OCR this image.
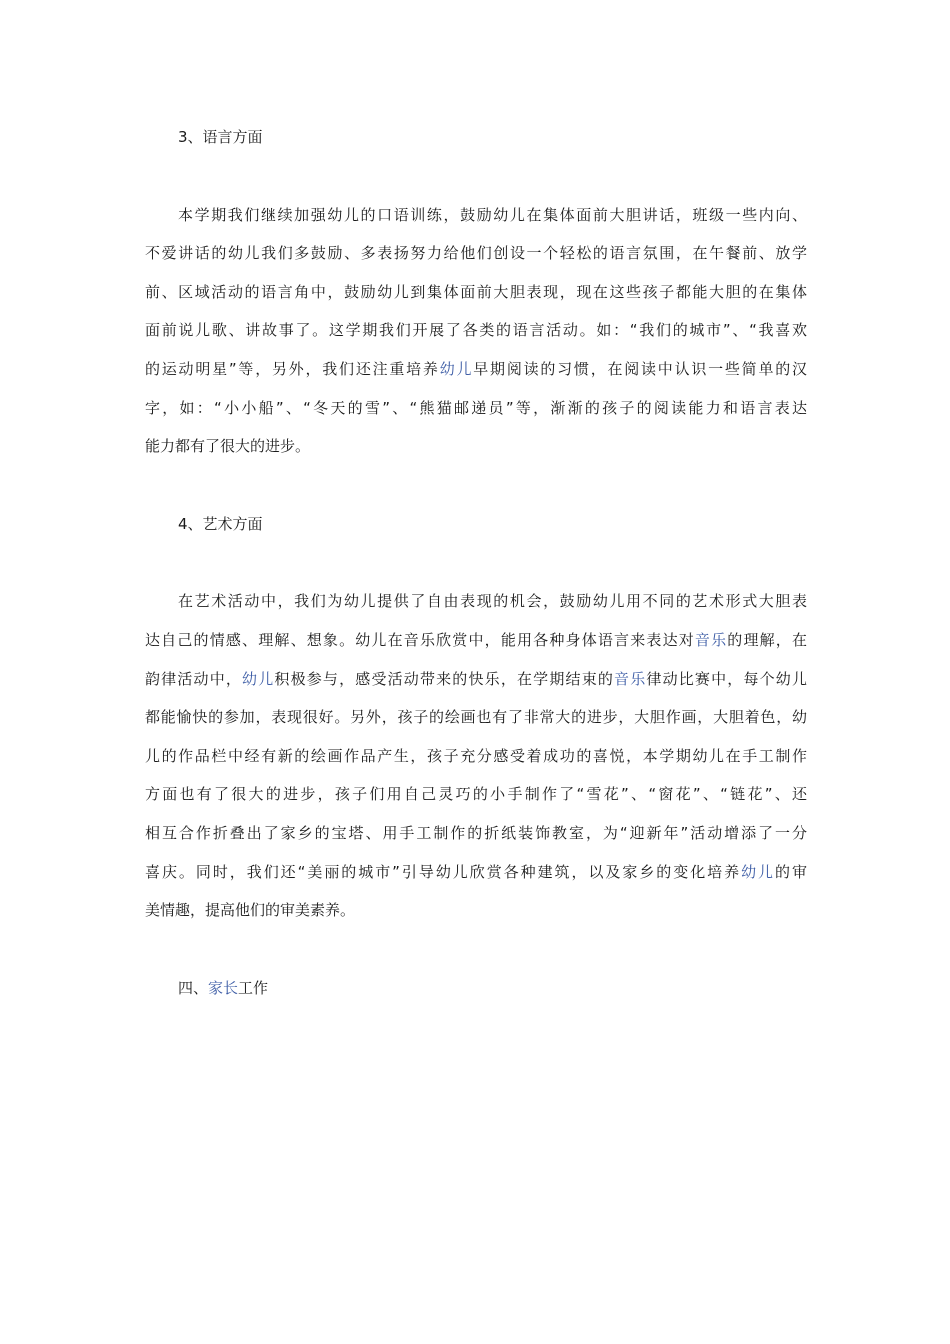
3、语言方面
本学期我们继续加强幼儿的口语训练，鼓励幼儿在集体面前大胆讲话，班级一些内向、
不爱讲话的幼儿我们多鼓励、多表扬努力给他们创设一个轻松的语言氛围，在午餐前、放学
前、区域活动的语言角中，鼓励幼儿到集体面前大胆表现，现在这些孩子都能大胆的在集体
面前说儿歌、讲故事了。这学期我们开展了各类的语言活动。如：“我们的城市”、“我喜欢
的运动明星”等，另外，我们还注重培养幼儿早期阅读的习惯，在阅读中认识一些简单的汉
字，如：“小小船”、“冬天的雪”、“熊猫邮递员”等，渐渐的孩子的阅读能力和语言表达
能力都有了很大的进步。
4、艺术方面
在艺术活动中，我们为幼儿提供了自由表现的机会，鼓励幼儿用不同的艺术形式大胆表
达自己的情感、理解、想象。幼儿在音乐欣赏中，能用各种身体语言来表达对音乐的理解，在
韵律活动中，幼儿积极参与，感受活动带来的快乐，在学期结束的音乐律动比赛中，每个幼儿
都能愉快的参加，表现很好。另外，孩子的绘画也有了非常大的进步，大胆作画，大胆着色，幼
儿的作品栏中经有新的绘画作品产生，孩子充分感受着成功的喜悦，本学期幼儿在手工制作
方面也有了很大的进步，孩子们用自己灵巧的小手制作了“雪花”、“窗花”、“链花”、还
相互合作折叠出了家乡的宝塔、用手工制作的折纸装饰教室，为“迎新年”活动增添了一分
喜庆。同时，我们还“美丽的城市”引导幼儿欣赏各种建筑，以及家乡的变化培养幼儿的审
美情趣，提高他们的审美素养。
四、家长工作
